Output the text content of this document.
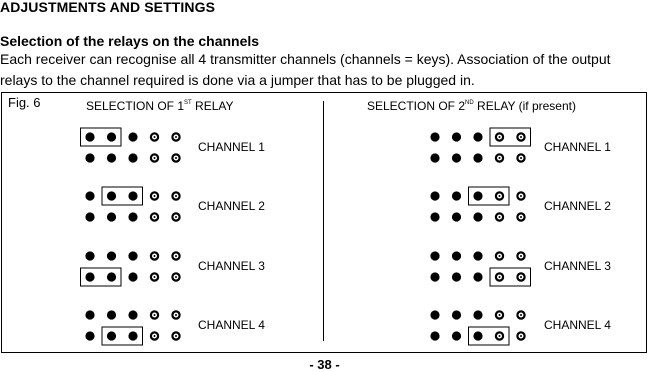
ADJUSTMENTS AND SETTINGS
Selection of the relays on the channels
Each receiver can recognise all 4 transmitter channels (channels = keys). Association of the output relays to the channel required is done via a jumper that has to be plugged in.
Fig. 6	SELECTION OF 1ST RELAY	SELECTION OF 2ND RELAY (if present)
CHANNEL 1
CHANNEL 2
CHANNEL 3
CHANNEL 4
CHANNEL 1
CHANNEL 2
CHANNEL 3
CHANNEL 4
- 38 -
